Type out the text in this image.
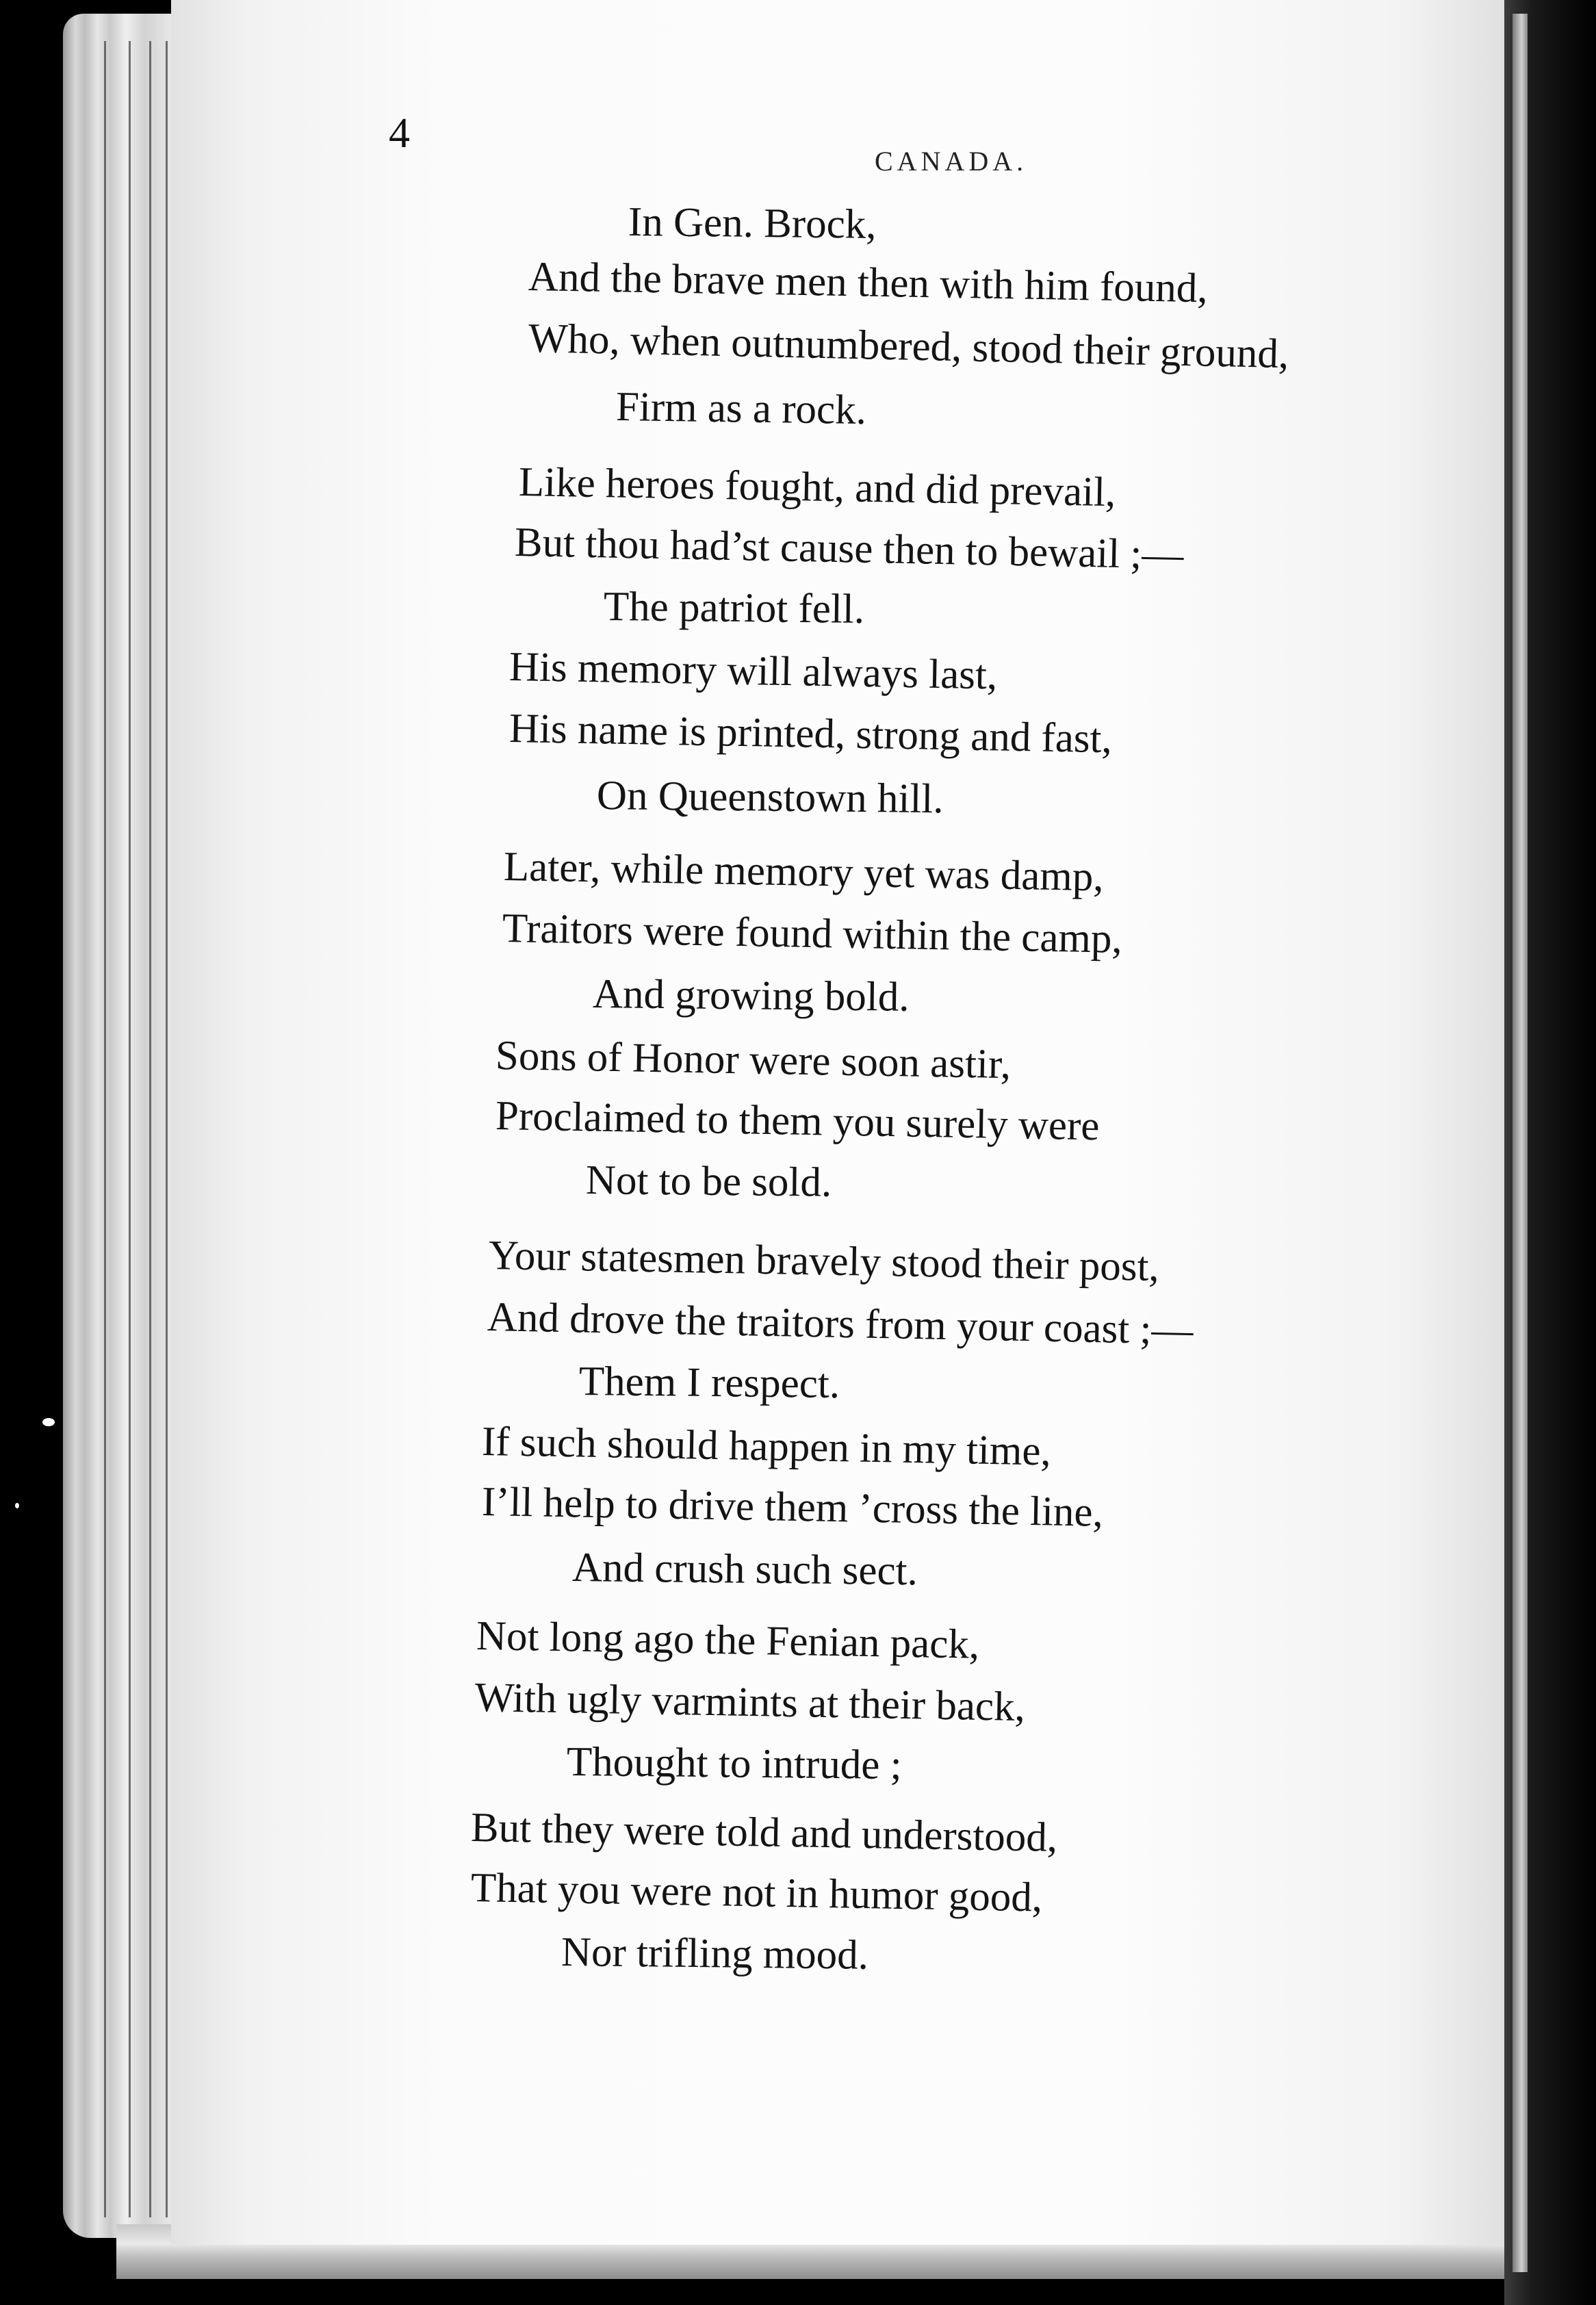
4
CANADA.
In Gen. Brock,
And the brave men then with him found,
Who, when outnumbered, stood their ground,
Firm as a rock.
Like heroes fought, and did prevail,
But thou had’st cause then to bewail ;—
The patriot fell.
His memory will always last,
His name is printed, strong and fast,
On Queenstown hill.
Later, while memory yet was damp,
Traitors were found within the camp,
And growing bold.
Sons of Honor were soon astir,
Proclaimed to them you surely were
Not to be sold.
Your statesmen bravely stood their post,
And drove the traitors from your coast ;—
Them I respect.
If such should happen in my time,
I’ll help to drive them ’cross the line,
And crush such sect.
Not long ago the Fenian pack,
With ugly varmints at their back,
Thought to intrude ;
But they were told and understood,
That you were not in humor good,
Nor trifling mood.
